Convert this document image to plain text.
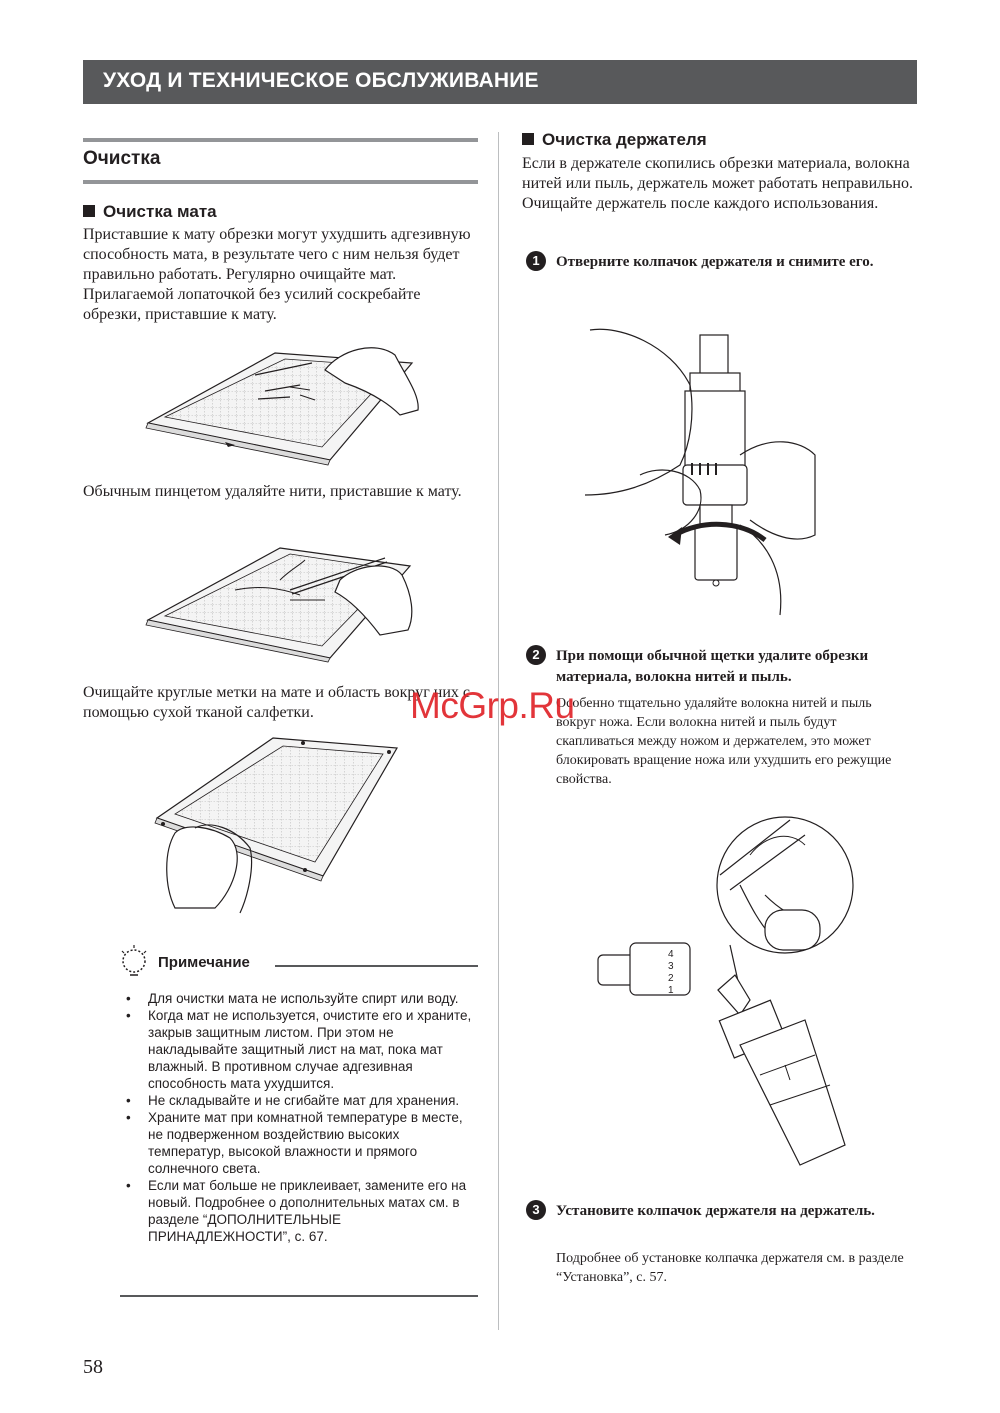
УХОД И ТЕХНИЧЕСКОЕ ОБСЛУЖИВАНИЕ
Очистка
Очистка мата

Приставшие к мату обрезки могут ухудшить адгезивную способность мата, в результате чего с ним нельзя будет правильно работать. Регулярно очищайте мат. Прилагаемой лопаточкой без усилий соскребайте обрезки, приставшие к мату.

Обычным пинцетом удаляйте нити, приставшие к мату.

Очищайте круглые метки на мате и область вокруг них с помощью сухой тканой салфетки.

Примечание
• Для очистки мата не используйте спирт или воду.
• Когда мат не используется, очистите его и храните, закрыв защитным листом. При этом не накладывайте защитный лист на мат, пока мат влажный. В противном случае адгезивная способность мата ухудшится.
• Не складывайте и не сгибайте мат для хранения.
• Храните мат при комнатной температуре в месте, не подверженном воздействию высоких температур, высокой влажности и прямого солнечного света.
• Если мат больше не приклеивает, замените его на новый. Подробнее о дополнительных матах см. в разделе “ДОПОЛНИТЕЛЬНЫЕ ПРИНАДЛЕЖНОСТИ”, с. 67.
Очистка держателя

Если в держателе скопились обрезки материала, волокна нитей или пыль, держатель может работать неправильно. Очищайте держатель после каждого использования.

1	Отверните колпачок держателя и снимите его.
2	При помощи обычной щетки удалите обрезки материала, волокна нитей и пыль.

Особенно тщательно удаляйте волокна нитей и пыль вокруг ножа. Если волокна нитей и пыль будут скапливаться между ножом и держателем, это может блокировать вращение ножа или ухудшить его режущие свойства.

4
3
2
1
3	Установите колпачок держателя на держатель.

Подробнее об установке колпачка держателя см. в разделе “Установка”, с. 57.

McGrp.Ru
58
